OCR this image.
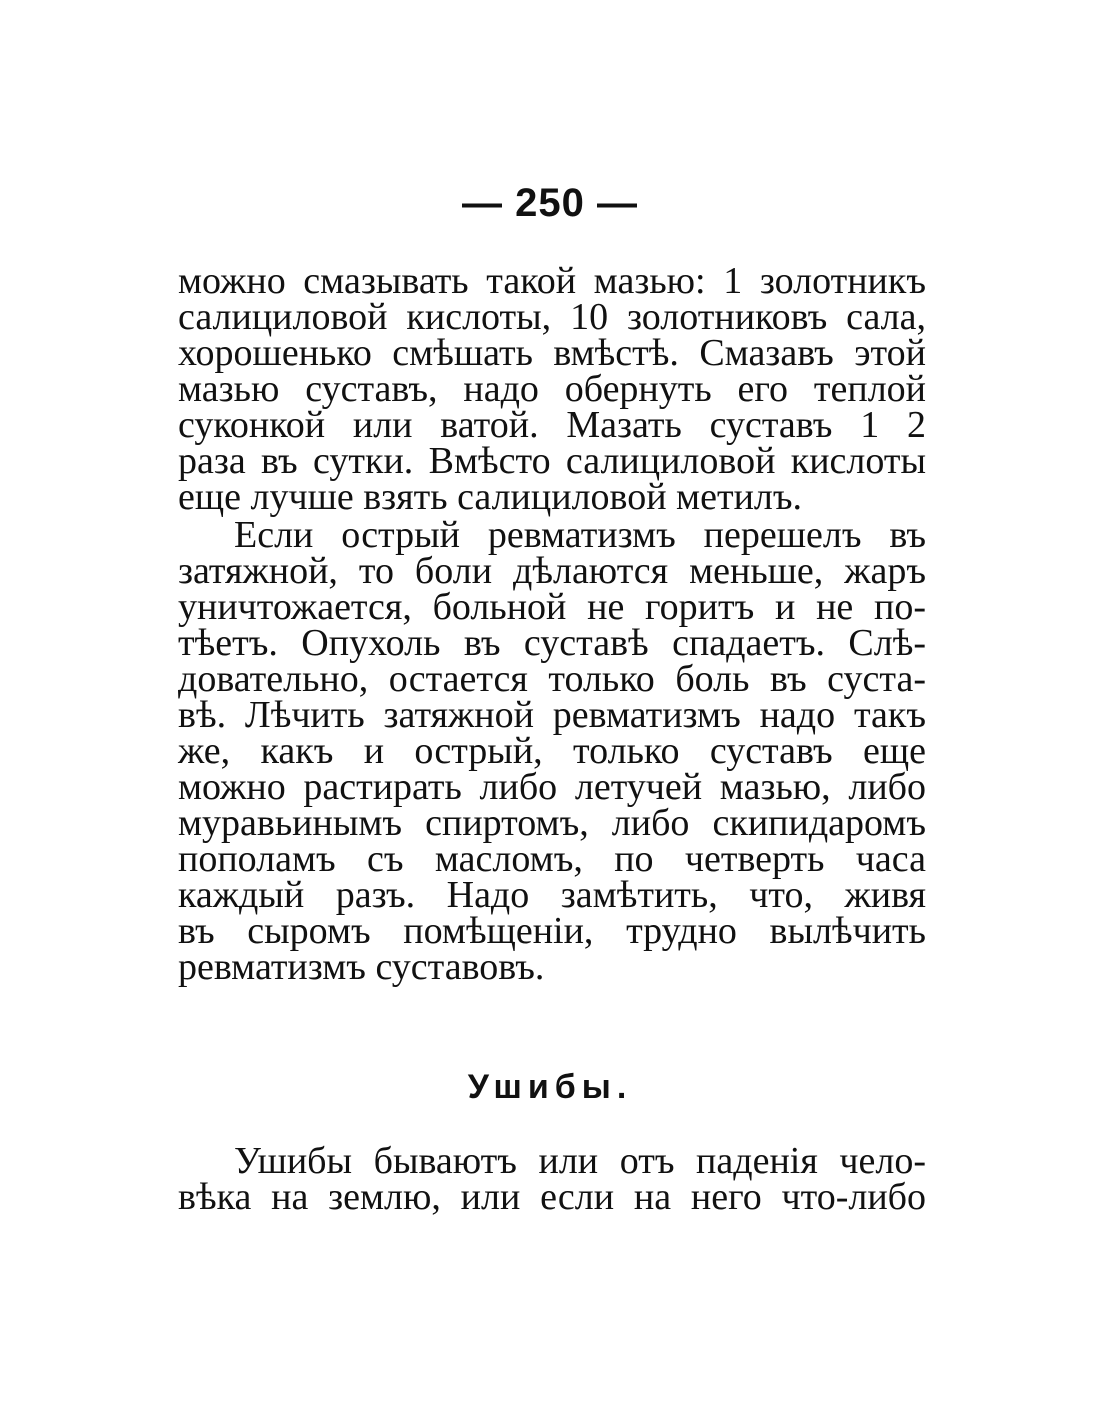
— 250 —
можно смазывать такой мазью: 1 золотникъ
салициловой кислоты, 10 золотниковъ сала,
хорошенько смѣшать вмѣстѣ. Смазавъ этой
мазью суставъ, надо обернуть его теплой
суконкой или ватой. Мазать суставъ 1 2
раза въ сутки. Вмѣсто салициловой кислоты
еще лучше взять салициловой метилъ.
Если острый ревматизмъ перешелъ въ
затяжной, то боли дѣлаются меньше, жаръ
уничтожается, больной не горитъ и не по-
тѣетъ. Опухоль въ суставѣ спадаетъ. Слѣ-
довательно, остается только боль въ суста-
вѣ. Лѣчить затяжной ревматизмъ надо такъ
же, какъ и острый, только суставъ еще
можно растирать либо летучей мазью, либо
муравьинымъ спиртомъ, либо скипидаромъ
пополамъ съ масломъ, по четверть часа
каждый разъ. Надо замѣтить, что, живя
въ сыромъ помѣщеніи, трудно вылѣчить
ревматизмъ суставовъ.
Ушибы.
Ушибы бываютъ или отъ паденія чело-
вѣка на землю, или если на него что-либо
